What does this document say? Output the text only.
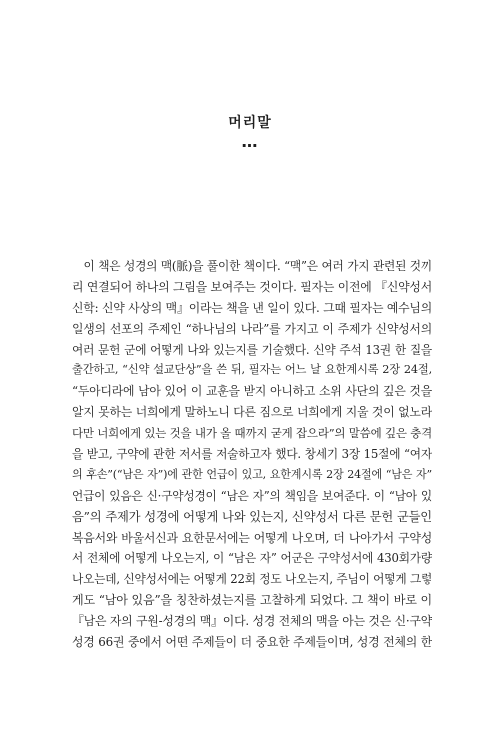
머리말
…
　이 책은 성경의 맥(脈)을 풀이한 책이다. “맥”은 여러 가지 관련된 것끼
리 연결되어 하나의 그림을 보여주는 것이다. 필자는 이전에 『신약성서
신학: 신약 사상의 맥』이라는 책을 낸 일이 있다. 그때 필자는 예수님의
일생의 선포의 주제인 “하나님의 나라”를 가지고 이 주제가 신약성서의
여러 문헌 군에 어떻게 나와 있는지를 기술했다. 신약 주석 13권 한 질을
출간하고, “신약 설교단상”을 쓴 뒤, 필자는 어느 날 요한계시록 2장 24절,
“두아디라에 남아 있어 이 교훈을 받지 아니하고 소위 사단의 깊은 것을
알지 못하는 너희에게 말하노니 다른 짐으로 너희에게 지울 것이 없노라
다만 너희에게 있는 것을 내가 올 때까지 굳게 잡으라”의 말씀에 깊은 충격
을 받고, 구약에 관한 저서를 저술하고자 했다. 창세기 3장 15절에 “여자
의 후손”(“남은 자”)에 관한 언급이 있고, 요한계시록 2장 24절에 “남은 자”
언급이 있음은 신·구약성경이 “남은 자”의 책임을 보여준다. 이 “남아 있
음”의 주제가 성경에 어떻게 나와 있는지, 신약성서 다른 문헌 군들인
복음서와 바울서신과 요한문서에는 어떻게 나오며, 더 나아가서 구약성
서 전체에 어떻게 나오는지, 이 “남은 자” 어군은 구약성서에 430회가량
나오는데, 신약성서에는 어떻게 22회 정도 나오는지, 주님이 어떻게 그렇
게도 “남아 있음”을 칭찬하셨는지를 고찰하게 되었다. 그 책이 바로 이
『남은 자의 구원-성경의 맥』이다. 성경 전체의 맥을 아는 것은 신·구약
성경 66권 중에서 어떤 주제들이 더 중요한 주제들이며, 성경 전체의 한
